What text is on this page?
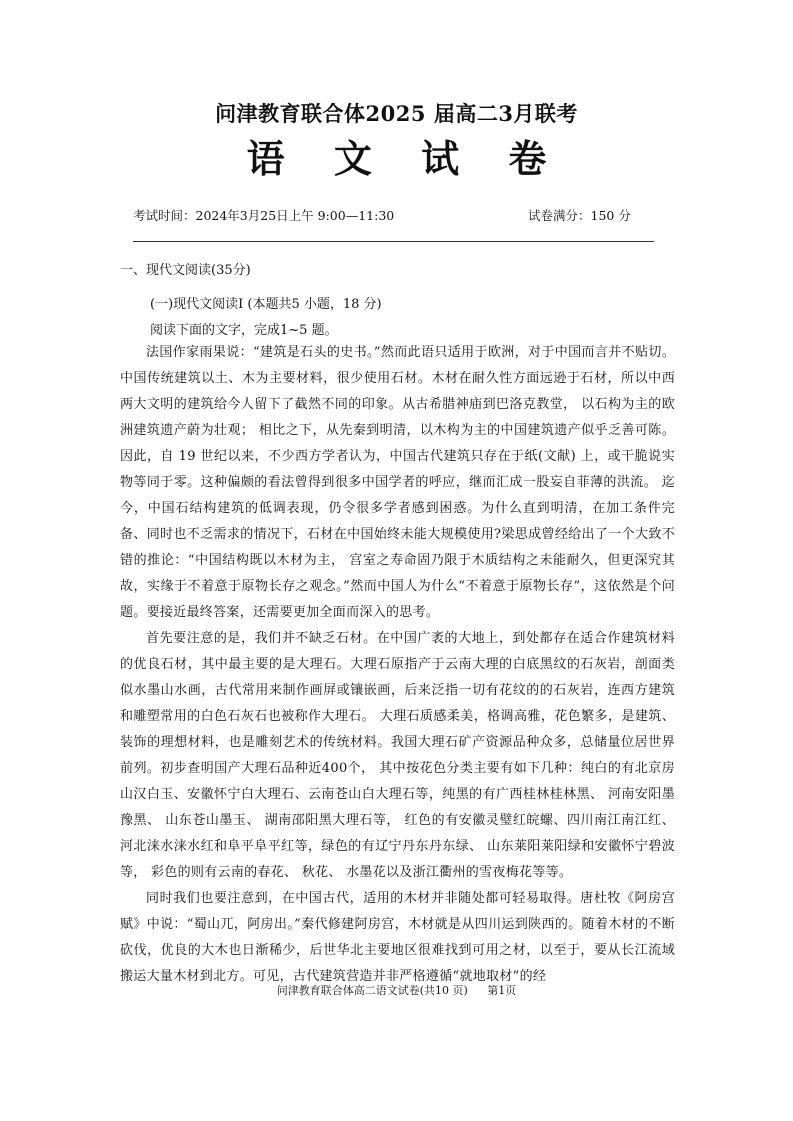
问津教育联合体2025 届高二3月联考
语 文 试 卷
考试时间：2024年3月25日上午 9:00—11:30	试卷满分：150 分
一、现代文阅读(35分)
(一)现代文阅读Ⅰ (本题共5 小题，18 分)
阅读下面的文字，完成1~5 题。

法国作家雨果说：“建筑是石头的史书。”然而此语只适用于欧洲，对于中国而言并不贴切。中国传统建筑以土、木为主要材料，很少使用石材。木材在耐久性方面远逊于石材，所以中西两大文明的建筑给今人留下了截然不同的印象。从古希腊神庙到巴洛克教堂， 以石构为主的欧洲建筑遗产蔚为壮观； 相比之下，从先秦到明清，以木构为主的中国建筑遗产似乎乏善可陈。 因此，自 19 世纪以来，不少西方学者认为，中国古代建筑只存在于纸(文献) 上，或干脆说实物等同于零。这种偏颇的看法曾得到很多中国学者的呼应，继而汇成一股妄自菲薄的洪流。 迄今，中国石结构建筑的低调表现，仍令很多学者感到困惑。为什么直到明清，在加工条件完备、同时也不乏需求的情况下，石材在中国始终未能大规模使用?梁思成曾经给出了一个大致不错的推论：“中国结构既以木材为主， 宫室之寿命固乃限于木质结构之未能耐久，但更深究其故，实缘于不着意于原物长存之观念。”然而中国人为什么“不着意于原物长存”，这依然是个问题。要接近最终答案，还需要更加全面而深入的思考。

首先要注意的是，我们并不缺乏石材。在中国广袤的大地上，到处都存在适合作建筑材料的优良石材，其中最主要的是大理石。大理石原指产于云南大理的白底黑纹的石灰岩，剖面类似水墨山水画，古代常用来制作画屏或镶嵌画，后来泛指一切有花纹的的石灰岩，连西方建筑和雕塑常用的白色石灰石也被称作大理石。 大理石质感柔美，格调高雅，花色繁多，是建筑、装饰的理想材料，也是雕刻艺术的传统材料。我国大理石矿产资源品种众多，总储量位居世界前列。初步查明国产大理石品种近400个， 其中按花色分类主要有如下几种：纯白的有北京房山汉白玉、安徽怀宁白大理石、云南苍山白大理石等，纯黑的有广西桂林桂林黑、 河南安阳墨豫黑、 山东苍山墨玉、 湖南邵阳黑大理石等， 红色的有安徽灵璧红皖螺、四川南江南江红、河北涞水涞水红和阜平阜平红等，绿色的有辽宁丹东丹东绿、 山东莱阳莱阳绿和安徽怀宁碧波等， 彩色的则有云南的春花、 秋花、 水墨花以及浙江衢州的雪夜梅花等等。

同时我们也要注意到，在中国古代，适用的木材并非随处都可轻易取得。唐杜牧《阿房宫赋》中说：“蜀山兀，阿房出。”秦代修建阿房宫，木材就是从四川运到陕西的。随着木材的不断砍伐，优良的大木也日渐稀少，后世华北主要地区很难找到可用之材，以至于，要从长江流域搬运大量木材到北方。可见，古代建筑营造并非严格遵循“就地取材”的经

问津教育联合体高二语文试卷(共10 页) 第1页
